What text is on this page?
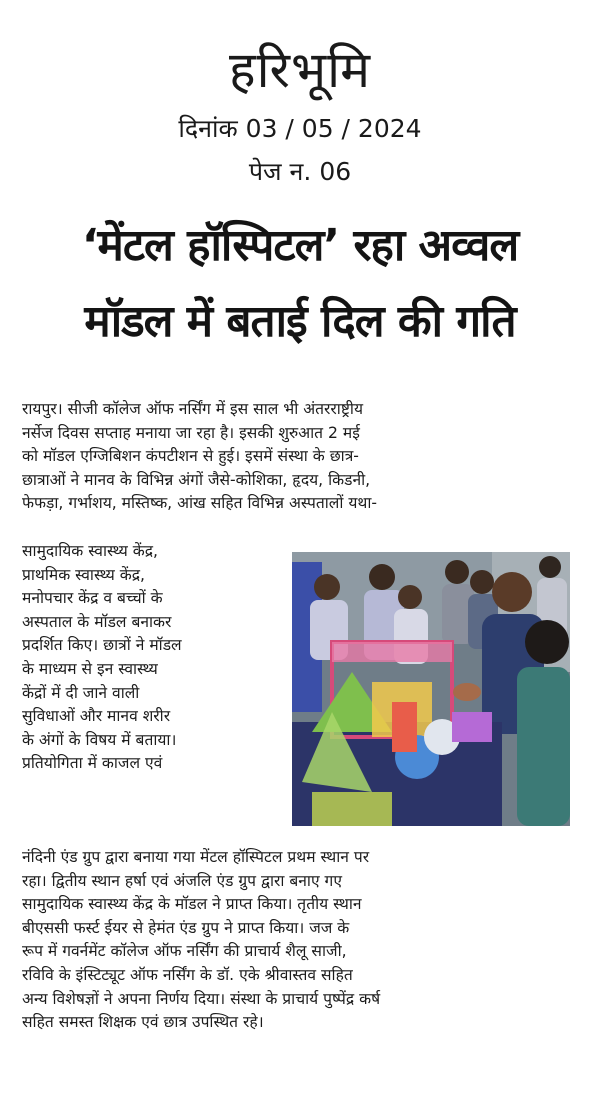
हरिभूमि
दिनांक 03 / 05 / 2024
पेज न. 06
‘मेंटल हॉस्पिटल’ रहा अव्वल
मॉडल में बताई दिल की गति
रायपुर। सीजी कॉलेज ऑफ नर्सिंग में इस साल भी अंतरराष्ट्रीय
नर्सेज दिवस सप्ताह मनाया जा रहा है। इसकी शुरुआत 2 मई
को मॉडल एग्जिबिशन कंपटीशन से हुई। इसमें संस्था के छात्र-
छात्राओं ने मानव के विभिन्न अंगों जैसे-कोशिका, हृदय, किडनी,
फेफड़ा, गर्भाशय, मस्तिष्क, आंख सहित विभिन्न अस्पतालों यथा-
सामुदायिक स्वास्थ्य केंद्र,
प्राथमिक स्वास्थ्य केंद्र,
मनोपचार केंद्र व बच्चों के
अस्पताल के मॉडल बनाकर
प्रदर्शित किए। छात्रों ने मॉडल
के माध्यम से इन स्वास्थ्य
केंद्रों में दी जाने वाली
सुविधाओं और मानव शरीर
के अंगों के विषय में बताया।
प्रतियोगिता में काजल एवं
नंदिनी एंड ग्रुप द्वारा बनाया गया मेंटल हॉस्पिटल प्रथम स्थान पर
रहा। द्वितीय स्थान हर्षा एवं अंजलि एंड ग्रुप द्वारा बनाए गए
सामुदायिक स्वास्थ्य केंद्र के मॉडल ने प्राप्त किया। तृतीय स्थान
बीएससी फर्स्ट ईयर से हेमंत एंड ग्रुप ने प्राप्त किया। जज के
रूप में गवर्नमेंट कॉलेज ऑफ नर्सिंग की प्राचार्य शैलू साजी,
रविवि के इंस्टिट्यूट ऑफ नर्सिंग के डॉ. एके श्रीवास्तव सहित
अन्य विशेषज्ञों ने अपना निर्णय दिया। संस्था के प्राचार्य पुष्पेंद्र कर्ष
सहित समस्त शिक्षक एवं छात्र उपस्थित रहे।
